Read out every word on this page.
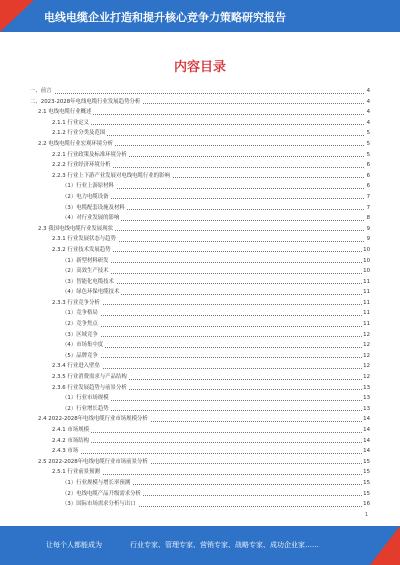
电线电缆企业打造和提升核心竞争力策略研究报告
内容目录
一、前言	4
二、2023-2028年电线电缆行业发展趋势分析	4
2.1 电线电缆行业概述	4
2.1.1 行业定义	4
2.1.2 行业分类及范围	5
2.2 电线电缆行业宏观环境分析	5
2.2.1 行业政策及标准环境分析	5
2.2.2 行业经济环境分析	6
2.2.3 行业上下游产业发展对电线电缆行业的影响	6
（1）行业上游原材料	6
（2）电力电缆设备	7
（3）电缆配套设施及材料	7
（4）对行业发展的影响	8
2.3 我国电线电缆行业发展现状	9
2.3.1 行业发展状态与趋势	9
2.3.2 行业技术发展趋势	10
（1）新型材料研发	10
（2）高效生产技术	10
（3）智能化电缆技术	11
（4）绿色环保电缆技术	11
2.3.3 行业竞争分析	11
（1）竞争格局	11
（2）竞争焦点	11
（3）区域竞争	12
（4）市场集中度	12
（5）品牌竞争	12
2.3.4 行业进入壁垒	12
2.3.5 行业消费需求与产品结构	12
2.3.6 行业发展趋势与前景分析	13
（1）行业市场规模	13
（2）行业增长趋势	13
2.4 2022-2028年电线电缆行业市场规模分析	14
2.4.1 市场规模	14
2.4.2 市场结构	14
2.4.3 市场	14
2.5 2022-2028年电线电缆行业市场前景分析	15
2.5.1 行业前景预测	15
（1）行业规模与增长率预测	15
（2）电线电缆产品升级需求分析	15
（3）国际市场需求分析与出口	16
1
让每个人都能成为	行业专家、管理专家、营销专家、战略专家、成功企业家……
